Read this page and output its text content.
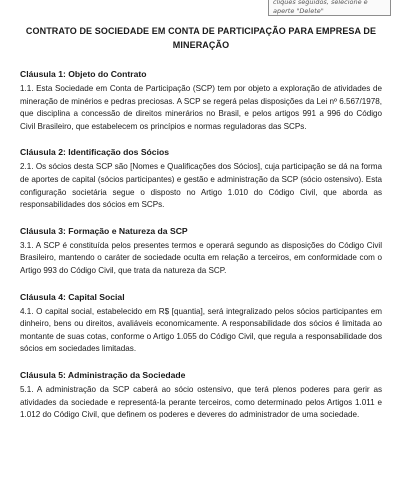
cliques seguidos, selecione e
aperte "Delete"
CONTRATO DE SOCIEDADE EM CONTA DE PARTICIPAÇÃO PARA EMPRESA DE MINERAÇÃO
Cláusula 1: Objeto do Contrato

1.1. Esta Sociedade em Conta de Participação (SCP) tem por objeto a exploração de atividades de mineração de minérios e pedras preciosas. A SCP se regerá pelas disposições da Lei nº 6.567/1978, que disciplina a concessão de direitos minerários no Brasil, e pelos artigos 991 a 996 do Código Civil Brasileiro, que estabelecem os princípios e normas reguladoras das SCPs.

Cláusula 2: Identificação dos Sócios

2.1. Os sócios desta SCP são [Nomes e Qualificações dos Sócios], cuja participação se dá na forma de aportes de capital (sócios participantes) e gestão e administração da SCP (sócio ostensivo). Esta configuração societária segue o disposto no Artigo 1.010 do Código Civil, que aborda as responsabilidades dos sócios em SCPs.

Cláusula 3: Formação e Natureza da SCP

3.1. A SCP é constituída pelos presentes termos e operará segundo as disposições do Código Civil Brasileiro, mantendo o caráter de sociedade oculta em relação a terceiros, em conformidade com o Artigo 993 do Código Civil, que trata da natureza da SCP.

Cláusula 4: Capital Social

4.1. O capital social, estabelecido em R$ [quantia], será integralizado pelos sócios participantes em dinheiro, bens ou direitos, avaliáveis economicamente. A responsabilidade dos sócios é limitada ao montante de suas cotas, conforme o Artigo 1.055 do Código Civil, que regula a responsabilidade dos sócios em sociedades limitadas.

Cláusula 5: Administração da Sociedade

5.1. A administração da SCP caberá ao sócio ostensivo, que terá plenos poderes para gerir as atividades da sociedade e representá-la perante terceiros, como determinado pelos Artigos 1.011 e 1.012 do Código Civil, que definem os poderes e deveres do administrador de uma sociedade.
